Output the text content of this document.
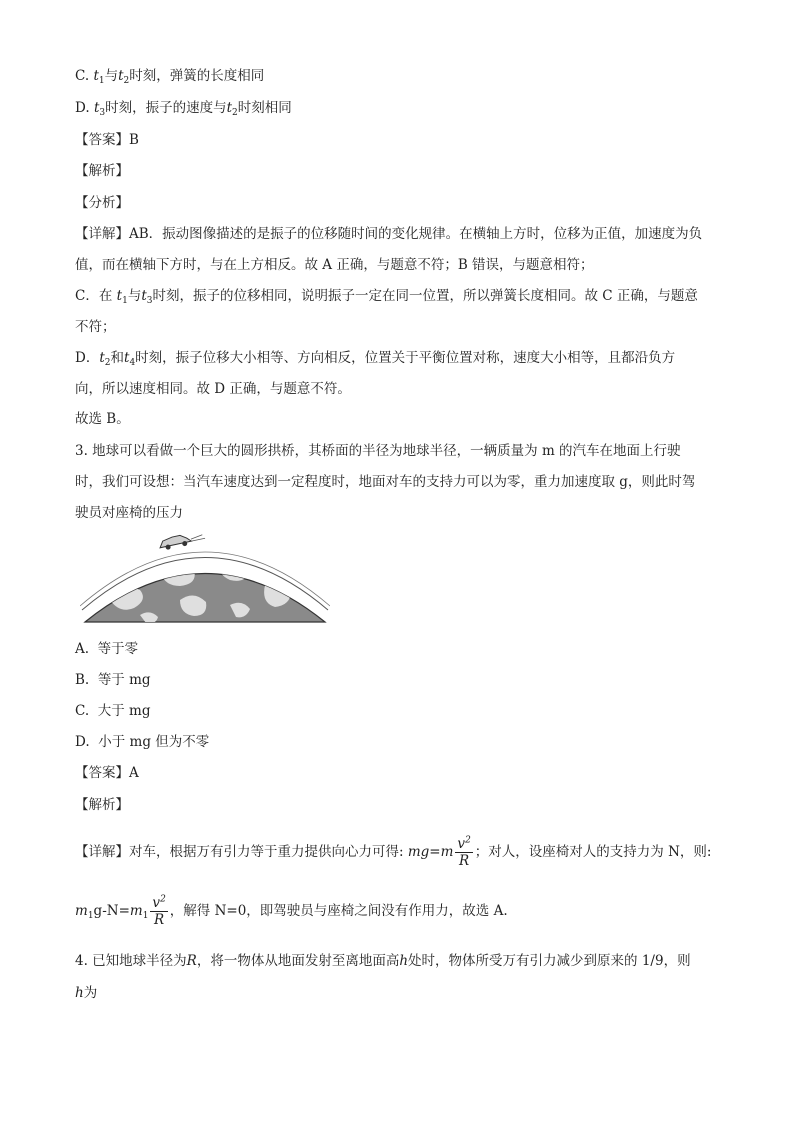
C. $t_1$与$t_2$时刻，弹簧的长度相同
D. $t_3$时刻，振子的速度与$t_2$时刻相同
【答案】B
【解析】
【分析】
【详解】AB．振动图像描述的是振子的位移随时间的变化规律。在横轴上方时，位移为正值，加速度为负
值，而在横轴下方时，与在上方相反。故 A 正确，与题意不符；B 错误，与题意相符；
C．在 $t_1$与$t_3$时刻，振子的位移相同，说明振子一定在同一位置，所以弹簧长度相同。故 C 正确，与题意
不符；
D．$t_2$和$t_4$时刻，振子位移大小相等、方向相反，位置关于平衡位置对称，速度大小相等，且都沿负方
向，所以速度相同。故 D 正确，与题意不符。
故选 B。
3. 地球可以看做一个巨大的圆形拱桥，其桥面的半径为地球半径，一辆质量为 m 的汽车在地面上行驶
时，我们可设想：当汽车速度达到一定程度时，地面对车的支持力可以为零，重力加速度取 g，则此时驾
驶员对座椅的压力
A. 等于零
B. 等于 mg
C. 大于 mg
D. 小于 mg 但为不零
【答案】A
【解析】
【详解】对车，根据万有引力等于重力提供向心力可得: $mg=m \frac{v^2}{R}$ ；对人，设座椅对人的支持力为 N，则:
$m_1g-N=m_1 \frac{v^2}{R}$ ，解得 N=0，即驾驶员与座椅之间没有作用力，故选 A.
4. 已知地球半径为R，将一物体从地面发射至离地面高h处时，物体所受万有引力减少到原来的 1/9，则
h为
